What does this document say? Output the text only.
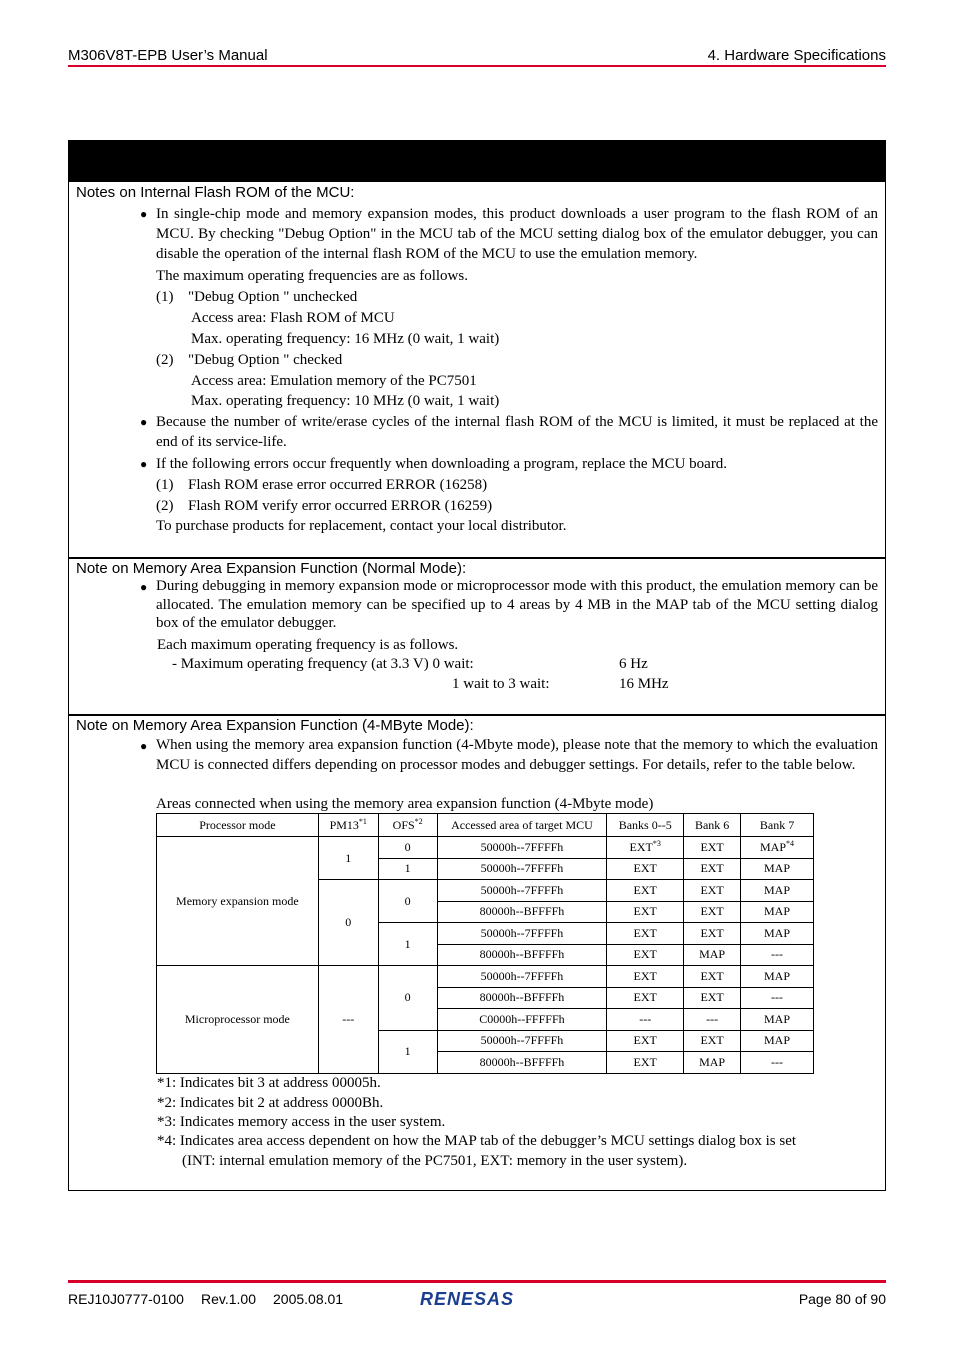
M306V8T-EPB User’s Manual	4. Hardware Specifications
Notes on Internal Flash ROM of the MCU:
● In single-chip mode and memory expansion modes, this product downloads a user program to the flash ROM of an MCU. By checking "Debug Option" in the MCU tab of the MCU setting dialog box of the emulator debugger, you can disable the operation of the internal flash ROM of the MCU to use the emulation memory.
The maximum operating frequencies are as follows.
(1) "Debug Option " unchecked
Access area: Flash ROM of MCU
Max. operating frequency: 16 MHz (0 wait, 1 wait)
(2) "Debug Option " checked
Access area: Emulation memory of the PC7501
Max. operating frequency: 10 MHz (0 wait, 1 wait)
● Because the number of write/erase cycles of the internal flash ROM of the MCU is limited, it must be replaced at the end of its service-life.
● If the following errors occur frequently when downloading a program, replace the MCU board.
(1) Flash ROM erase error occurred ERROR (16258)
(2) Flash ROM verify error occurred ERROR (16259)
To purchase products for replacement, contact your local distributor.
Note on Memory Area Expansion Function (Normal Mode):
● During debugging in memory expansion mode or microprocessor mode with this product, the emulation memory can be allocated. The emulation memory can be specified up to 4 areas by 4 MB in the MAP tab of the MCU setting dialog box of the emulator debugger.
Each maximum operating frequency is as follows.
- Maximum operating frequency (at 3.3 V) 0 wait:	6 Hz
1 wait to 3 wait:	16 MHz
Note on Memory Area Expansion Function (4-MByte Mode):
● When using the memory area expansion function (4-Mbyte mode), please note that the memory to which the evaluation MCU is connected differs depending on processor modes and debugger settings. For details, refer to the table below.
Areas connected when using the memory area expansion function (4-Mbyte mode)
Processor mode	PM13$^{*1}$	OFS$^{*2}$	Accessed area of target MCU	Banks 0--5	Bank 6	Bank 7
Memory expansion mode	1	0	50000h--7FFFFh	EXT$^{*3}$	EXT	MAP$^{*4}$
		1	50000h--7FFFFh	EXT	EXT	MAP
	0	0	50000h--7FFFFh	EXT	EXT	MAP
			80000h--BFFFFh	EXT	EXT	MAP
		1	50000h--7FFFFh	EXT	EXT	MAP
			80000h--BFFFFh	EXT	MAP	---
Microprocessor mode	---	0	50000h--7FFFFh	EXT	EXT	MAP
			80000h--BFFFFh	EXT	EXT	---
			C0000h--FFFFFh	---	---	MAP
		1	50000h--7FFFFh	EXT	EXT	MAP
			80000h--BFFFFh	EXT	MAP	---
*1: Indicates bit 3 at address 00005h.
*2: Indicates bit 2 at address 0000Bh.
*3: Indicates memory access in the user system.
*4: Indicates area access dependent on how the MAP tab of the debugger’s MCU settings dialog box is set
(INT: internal emulation memory of the PC7501, EXT: memory in the user system).
REJ10J0777-0100 Rev.1.00 2005.08.01	RENESAS	Page 80 of 90
